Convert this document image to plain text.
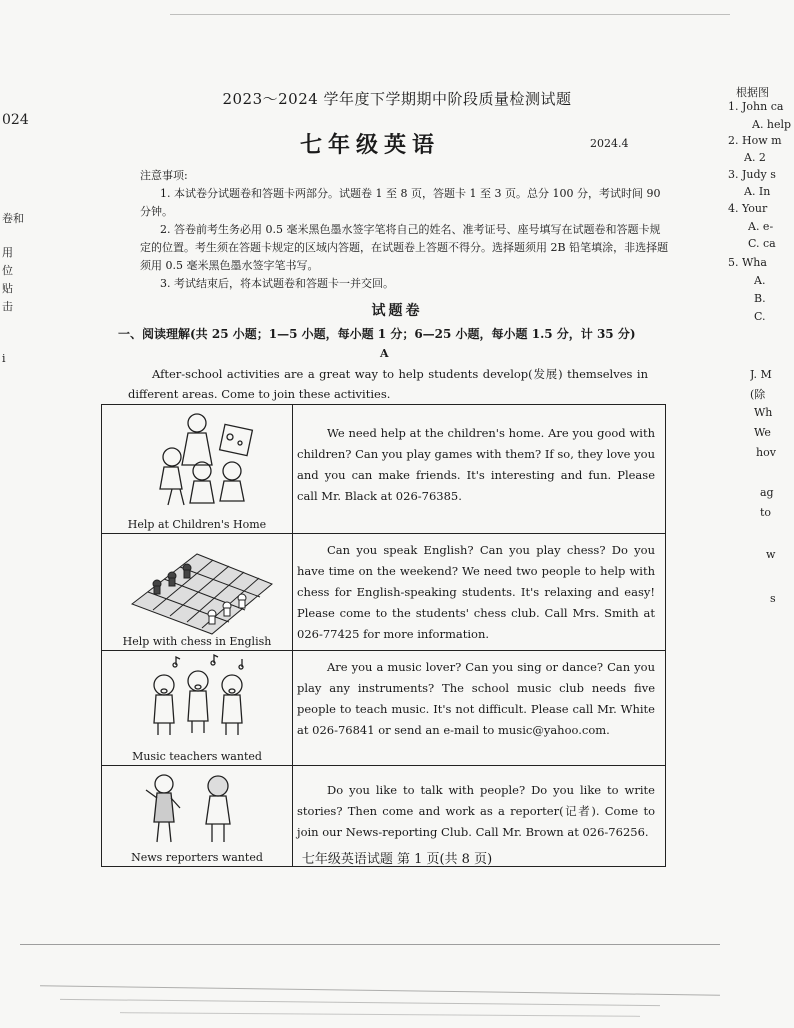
024
卷和
用
位
贴
击
i
根据图
1. John ca
A. help
2. How m
A. 2
3. Judy s
A. In
4. Your
A. e-
C. ca
5. Wha
A.
B.
C.
J. M
(除
Wh
We
hov
ag
to
w
s
2023～2024 学年度下学期期中阶段质量检测试题
七年级英语	2024.4

注意事项:

1. 本试卷分试题卷和答题卡两部分。试题卷 1 至 8 页，答题卡 1 至 3 页。总分 100 分，考试时间 90 分钟。

2. 答卷前考生务必用 0.5 毫米黑色墨水签字笔将自己的姓名、准考证号、座号填写在试题卷和答题卡规定的位置。考生须在答题卡规定的区域内答题，在试题卷上答题不得分。选择题须用 2B 铅笔填涂，非选择题须用 0.5 毫米黑色墨水签字笔书写。

3. 考试结束后，将本试题卷和答题卡一并交回。

试题卷
一、阅读理解(共 25 小题；1—5 小题，每小题 1 分；6—25 小题，每小题 1.5 分，计 35 分)
A
After-school activities are a great way to help students develop(发展) themselves in different areas. Come to join these activities.
Help at Children's Home	We need help at the children's home. Are you good with children? Can you play games with them? If so, they love you and you can make friends. It's interesting and fun. Please call Mr. Black at 026-76385.

Help with chess in English	Can you speak English? Can you play chess? Do you have time on the weekend? We need two people to help with chess for English-speaking students. It's relaxing and easy! Please come to the students' chess club. Call Mrs. Smith at 026-77425 for more information.

Music teachers wanted	Are you a music lover? Can you sing or dance? Can you play any instruments? The school music club needs five people to teach music. It's not difficult. Please call Mr. White at 026-76841 or send an e-mail to music@yahoo.com.

News reporters wanted	Do you like to talk with people? Do you like to write stories? Then come and work as a reporter(记者). Come to join our News-reporting Club. Call Mr. Brown at 026-76256.
七年级英语试题 第 1 页(共 8 页)
